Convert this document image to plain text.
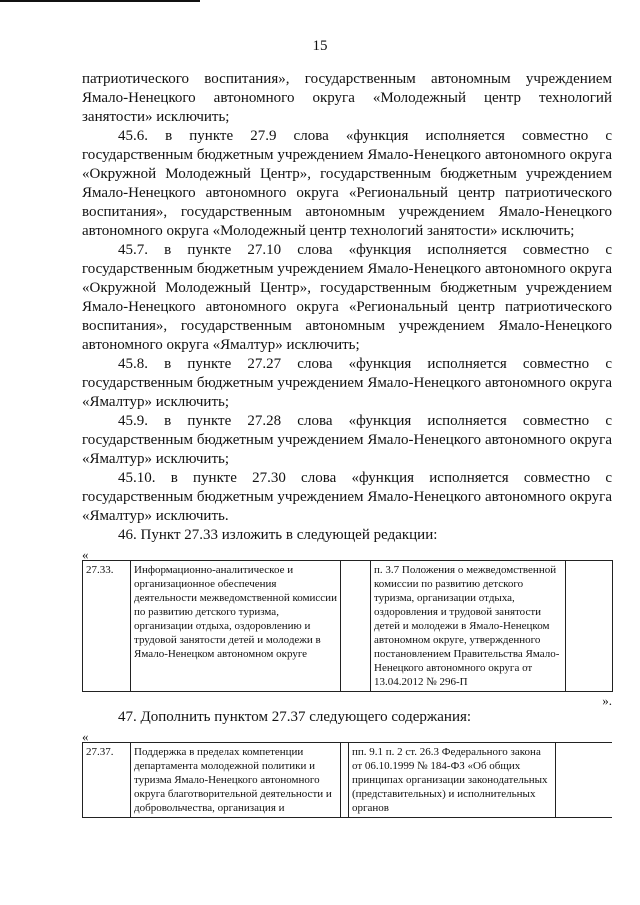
15

патриотического воспитания», государственным автономным учреждением Ямало-Ненецкого автономного округа «Молодежный центр технологий занятости» исключить;

45.6. в пункте 27.9 слова «функция исполняется совместно с государственным бюджетным учреждением Ямало-Ненецкого автономного округа «Окружной Молодежный Центр», государственным бюджетным учреждением Ямало-Ненецкого автономного округа «Региональный центр патриотического воспитания», государственным автономным учреждением Ямало-Ненецкого автономного округа «Молодежный центр технологий занятости» исключить;

45.7. в пункте 27.10 слова «функция исполняется совместно с государственным бюджетным учреждением Ямало-Ненецкого автономного округа «Окружной Молодежный Центр», государственным бюджетным учреждением Ямало-Ненецкого автономного округа «Региональный центр патриотического воспитания», государственным автономным учреждением Ямало-Ненецкого автономного округа «Ямалтур» исключить;

45.8. в пункте 27.27 слова «функция исполняется совместно с государственным бюджетным учреждением Ямало-Ненецкого автономного округа «Ямалтур» исключить;

45.9. в пункте 27.28 слова «функция исполняется совместно с государственным бюджетным учреждением Ямало-Ненецкого автономного округа «Ямалтур» исключить;

45.10. в пункте 27.30 слова «функция исполняется совместно с государственным бюджетным учреждением Ямало-Ненецкого автономного округа «Ямалтур» исключить.

46. Пункт 27.33 изложить в следующей редакции:

«
27.33.	Информационно-аналитическое и организационное обеспечения деятельности межведомственной комиссии по развитию детского туризма, организации отдыха, оздоровлению и трудовой занятости детей и молодежи в Ямало-Ненецком автономном округе		п. 3.7 Положения о межведомственной комиссии по развитию детского туризма, организации отдыха, оздоровления и трудовой занятости детей и молодежи в Ямало-Ненецком автономном округе, утвержденного постановлением Правительства Ямало-Ненецкого автономного округа от 13.04.2012 № 296-П	
».

47. Дополнить пунктом 27.37 следующего содержания:

«
27.37.	Поддержка в пределах компетенции департамента молодежной политики и туризма Ямало-Ненецкого автономного округа благотворительной деятельности и добровольчества, организация и		пп. 9.1 п. 2 ст. 26.3 Федерального закона от 06.10.1999 № 184-ФЗ «Об общих принципах организации законодательных (представительных) и исполнительных органов	
